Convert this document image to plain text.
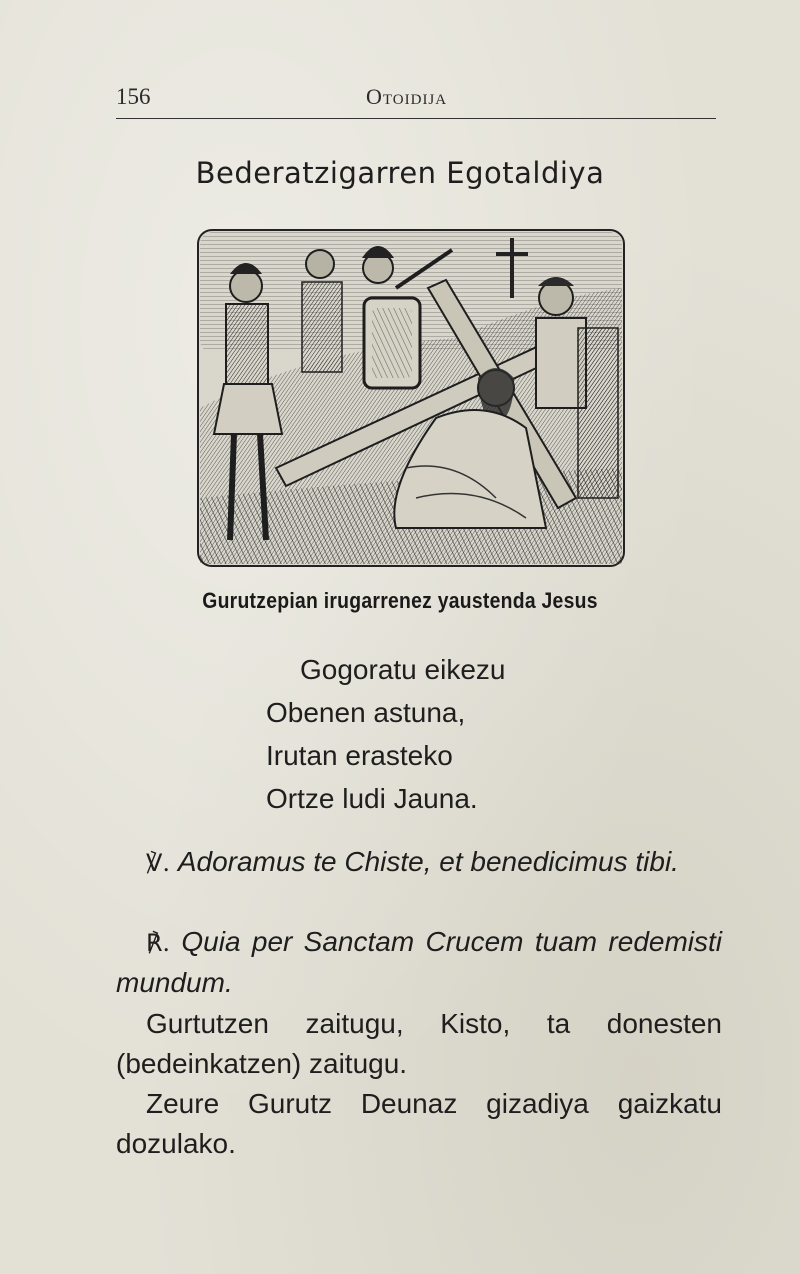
156	Otoidija
Bederatzigarren Egotaldiya
Gurutzepian irugarrenez yaustenda Jesus
Gogoratu eikezu
Obenen astuna,
Irutan erasteko
Ortze ludi Jauna.
℣. Adoramus te Chiste, et benedicimus tibi.
℟. Quia per Sanctam Crucem tuam redemisti mundum.
Gurtutzen zaitugu, Kisto, ta donesten (bedeinkatzen) zaitugu.
Zeure Gurutz Deunaz gizadiya gaizkatu dozulako.
